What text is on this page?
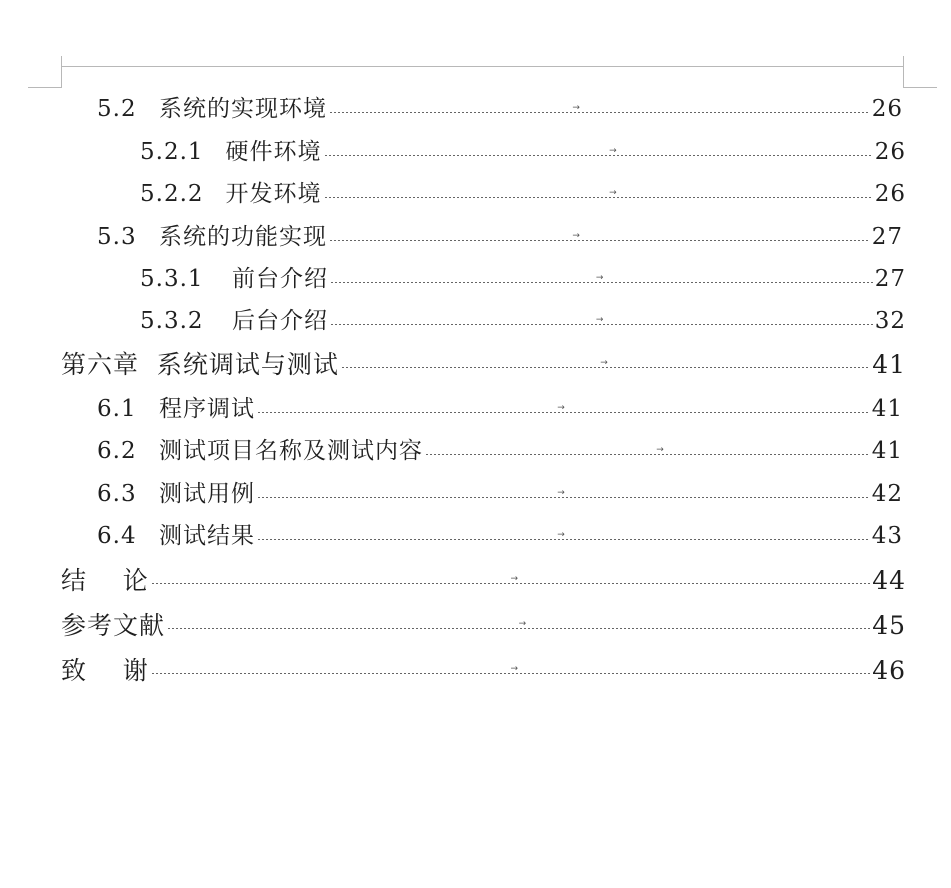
5.2 系统的实现环境	→	26
5.2.1 硬件环境	→	26
5.2.2 开发环境	→	26
5.3 系统的功能实现	→	27
5.3.1 前台介绍	→	27
5.3.2 后台介绍	→	32
第六章  系统调试与测试	→	41
6.1 程序调试	→	41
6.2 测试项目名称及测试内容	→	41
6.3 测试用例	→	42
6.4 测试结果	→	43
结    论	→	44
参考文献	→	45
致    谢	→	46
